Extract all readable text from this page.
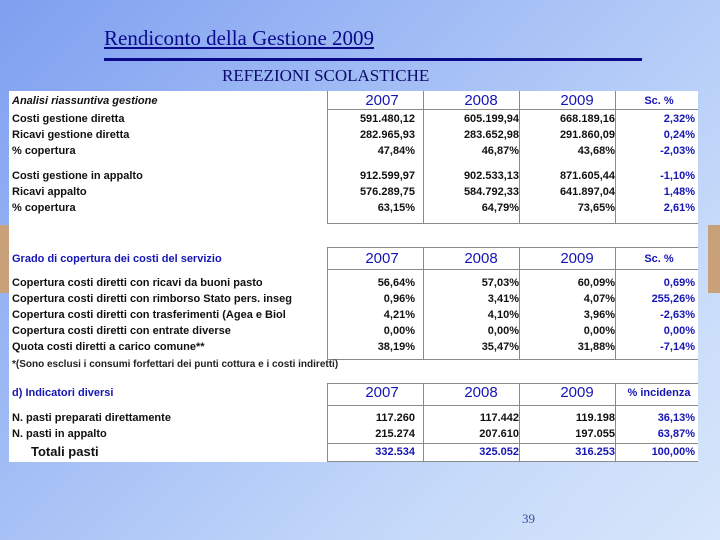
Rendiconto della Gestione 2009
REFEZIONI SCOLASTICHE
Analisi riassuntiva gestione	2007	2008	2009	Sc. %
Costi gestione diretta	591.480,12	605.199,94	668.189,16	2,32%
Ricavi gestione diretta	282.965,93	283.652,98	291.860,09	0,24%
% copertura	47,84%	46,87%	43,68%	-2,03%
Costi gestione in appalto	912.599,97	902.533,13	871.605,44	-1,10%
Ricavi appalto	576.289,75	584.792,33	641.897,04	1,48%
% copertura	63,15%	64,79%	73,65%	2,61%
Grado di copertura dei costi del servizio	2007	2008	2009	Sc. %
Copertura costi diretti con ricavi da buoni pasto	56,64%	57,03%	60,09%	0,69%
Copertura costi diretti con rimborso Stato pers. inseg	0,96%	3,41%	4,07%	255,26%
Copertura costi diretti con trasferimenti (Agea e Biol	4,21%	4,10%	3,96%	-2,63%
Copertura costi diretti con entrate diverse	0,00%	0,00%	0,00%	0,00%
Quota costi diretti a carico comune**	38,19%	35,47%	31,88%	-7,14%
*(Sono esclusi i consumi forfettari dei punti cottura e i costi indiretti)
d) Indicatori diversi	2007	2008	2009	% incidenza
N. pasti preparati direttamente	117.260	117.442	119.198	36,13%
N. pasti in appalto	215.274	207.610	197.055	63,87%
Totali pasti	332.534	325.052	316.253	100,00%
39
